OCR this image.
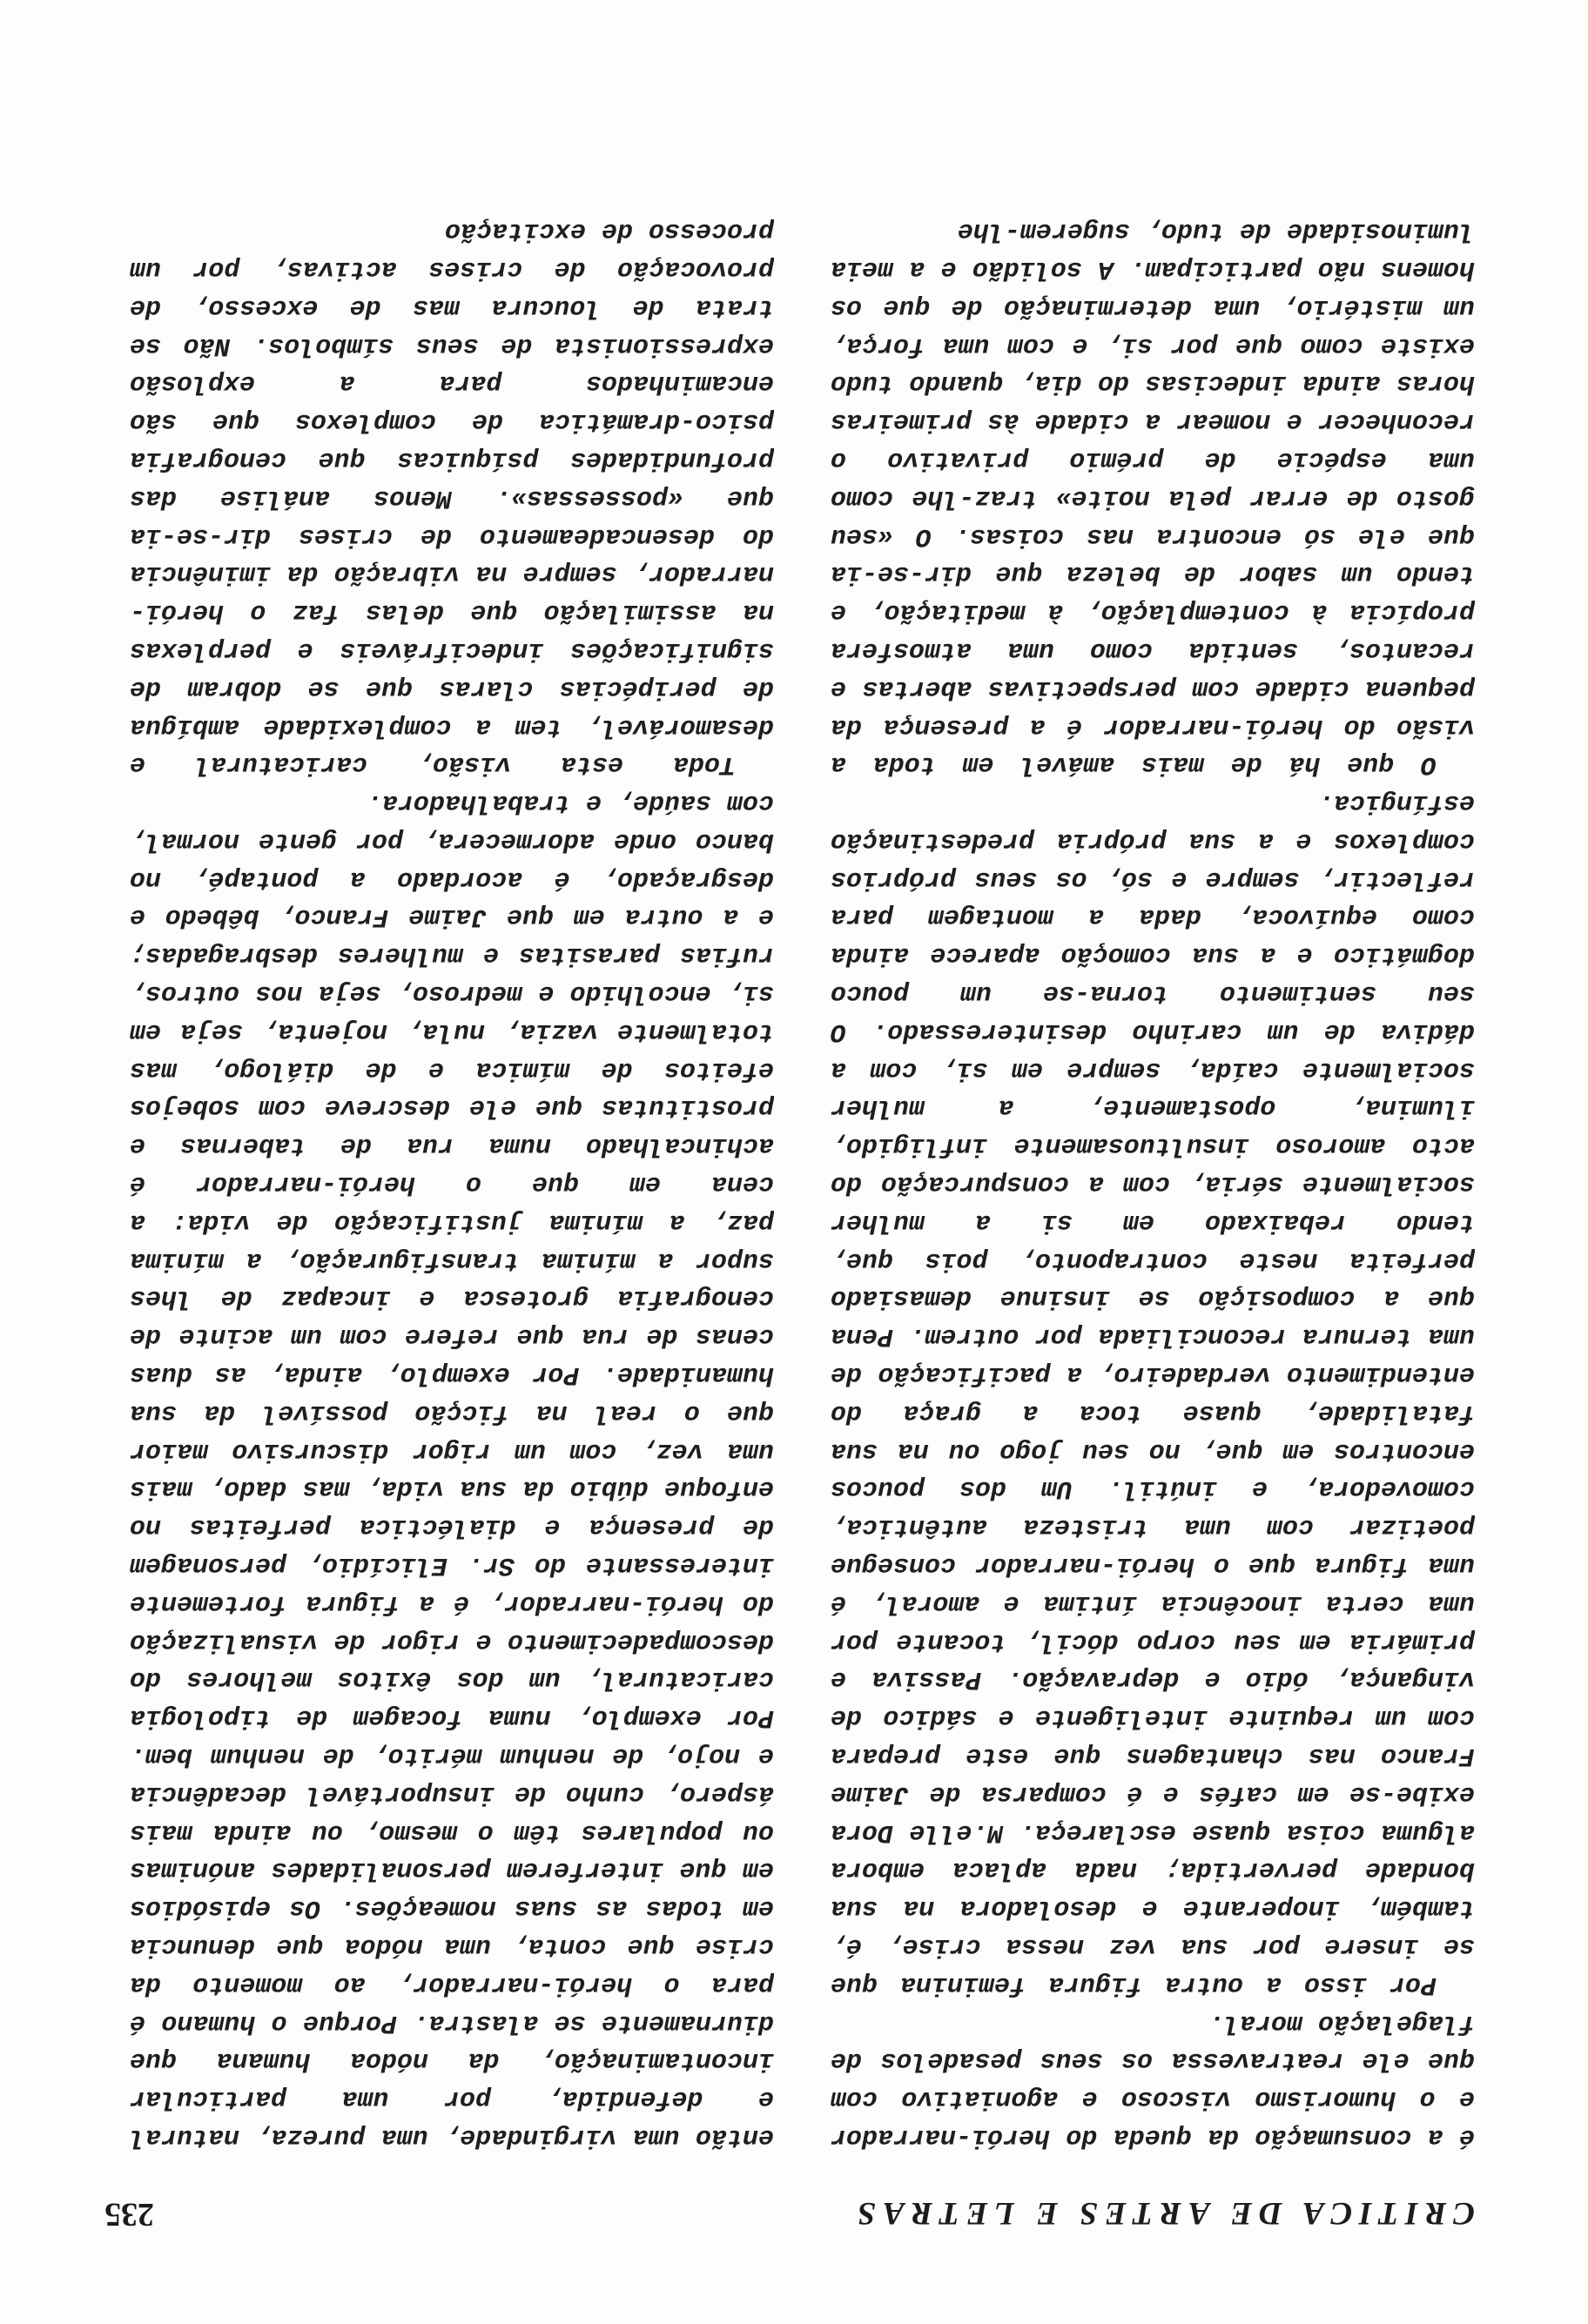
CRITICA DE ARTES E LETRAS
235

é a consumação da queda do herói-narrador e o humorismo viscoso e agoniativo com que ele reatravessa os seus pesadelos de flagelação moral.

Por isso a outra figura feminina que se insere por sua vez nessa crise, é, também, inoperante e desoladora na sua bondade pervertida; nada aplaca embora alguma coisa quase esclareça. M.elle Dora exibe-se em cafés e é comparsa de Jaime Franco nas chantagens que este prepara com um requinte inteligente e sádico de vingança, ódio e depravação. Passiva e primária em seu corpo dócil, tocante por uma certa inocência íntima e amoral, é uma figura que o herói-narrador consegue poetizar com uma tristeza autêntica, comovedora, e inútil. Um dos poucos encontros em que, no seu jogo ou na sua fatalidade, quase toca a graça do entendimento verdadeiro, a pacificação de uma ternura reconciliada por outrem. Pena que a composição se insinue demasiado perfeita neste contraponto, pois que, tendo rebaixado em si a mulher socialmente séria, com a conspurcação do acto amoroso insultuosamente infligido, ilumina, opostamente, a mulher socialmente caída, sempre em si, com a dádiva de um carinho desinteressado. O seu sentimento torna-se um pouco dogmático e a sua comoção aparece ainda como equívoca, dada a montagem para reflectir, sempre e só, os seus próprios complexos e a sua própria predestinação esfíngica.

O que há de mais amável em toda a visão do herói-narrador é a presença da pequena cidade com perspectivas abertas e recantos, sentida como uma atmosfera propícia à contemplação, à meditação, e tendo um sabor de beleza que dir-se-ia que ele só encontra nas coisas. O «seu gosto de errar pela noite» traz-lhe como uma espécie de prémio privativo o reconhecer e nomear a cidade às primeiras horas ainda indecisas do dia, quando tudo existe como que por si, e com uma força, um mistério, uma determinação de que os homens não participam. A solidão e a meia luminosidade de tudo, sugerem-lhe

então uma virgindade, uma pureza, natural e defendida, por uma particular incontaminação, da nódoa humana que diurnamente se alastra. Porque o humano é para o herói-narrador, ao momento da crise que conta, uma nódoa que denuncia em todas as suas nomeações. Os episódios em que interferem personalidades anónimas ou populares têm o mesmo, ou ainda mais áspero, cunho de insuportável decadência e nojo, de nenhum mérito, de nenhum bem. Por exemplo, numa focagem de tipologia caricatural, um dos êxitos melhores do descompadecimento e rigor de visualização do herói-narrador, é a figura fortemente interessante do Sr. Elicídio, personagem de presença e dialéctica perfeitas no enfoque dúbio da sua vida, mas dado, mais uma vez, com um rigor discursivo maior que o real na ficção possível da sua humanidade. Por exemplo, ainda, as duas cenas de rua que refere com um acinte de cenografia grotesca e incapaz de lhes supor a mínima transfiguração, a mínima paz, a mínima justificação de vida: a cena em que o herói-narrador é achincalhado numa rua de tabernas e prostitutas que ele descreve com sobejos efeitos de mímica e de diálogo, mas totalmente vazia, nula, nojenta, seja em si, encolhido e medroso, seja nos outros, rufias parasitas e mulheres desbragadas; e a outra em que Jaime Franco, bêbedo e desgraçado, é acordado a pontapé, no banco onde adormecera, por gente normal, com saúde, e trabalhadora.

Toda esta visão, caricatural e desamorável, tem a complexidade ambígua de peripécias claras que se dobram de significações indecifráveis e perplexas na assimilação que delas faz o herói-narrador, sempre na vibração da iminência do desencadeamento de crises dir-se-ia que «possessas». Menos análise das profundidades psíquicas que cenografia psico-dramática de complexos que são encaminhados para a explosão expressionista de seus símbolos. Não se trata de loucura mas de excesso, de provocação de crises activas, por um processo de excitação
